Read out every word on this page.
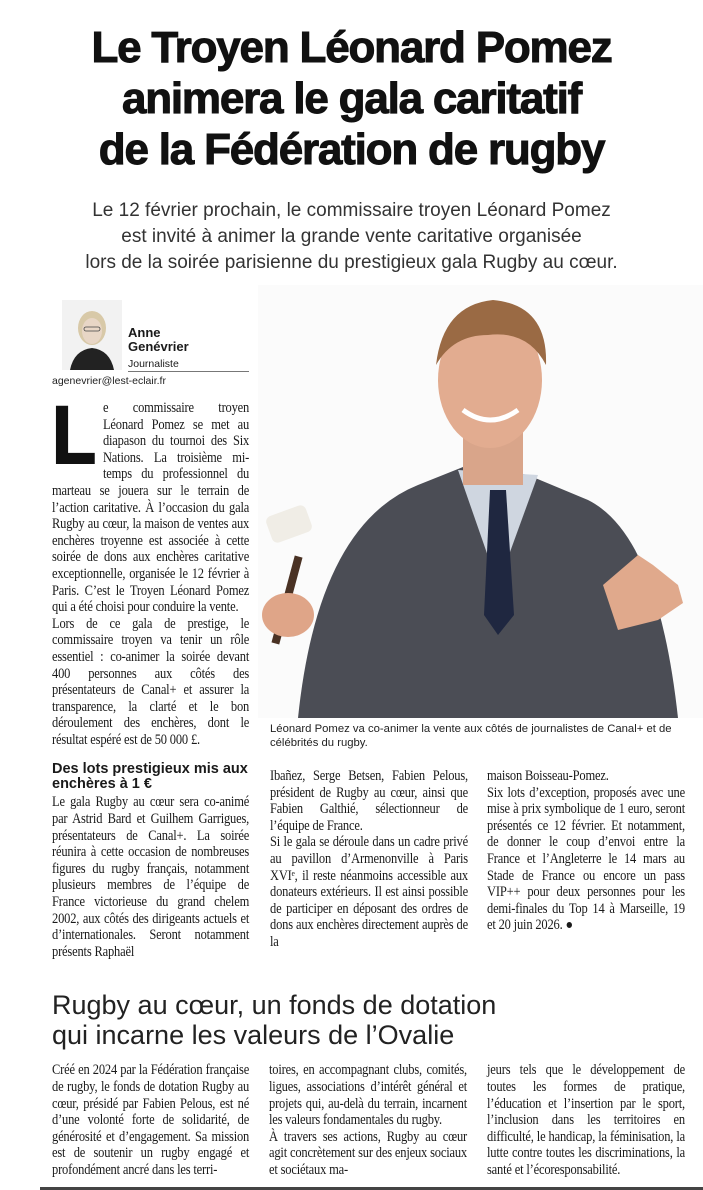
Le Troyen Léonard Pomez
animera le gala caritatif
de la Fédération de rugby
Le 12 février prochain, le commissaire troyen Léonard Pomez
est invité à animer la grande vente caritative organisée
lors de la soirée parisienne du prestigieux gala Rugby au cœur.
Anne
Genévrier
Journaliste
agenevrier@lest-eclair.fr

Le commissaire troyen Léonard Pomez se met au diapason du tournoi des Six Nations. La troisième mi-temps du professionnel du marteau se jouera sur le terrain de l’action caritative. À l’occasion du gala Rugby au cœur, la maison de ventes aux enchères troyenne est associée à cette soirée de dons aux enchères caritative exceptionnelle, organisée le 12 février à Paris. C’est le Troyen Léonard Pomez qui a été choisi pour conduire la vente.

Lors de ce gala de prestige, le commissaire troyen va tenir un rôle essentiel : co-animer la soirée devant 400 personnes aux côtés des présentateurs de Canal+ et assurer la transparence, la clarté et le bon déroulement des enchères, dont le résultat espéré est de 50 000 £.

Des lots prestigieux mis aux enchères à 1 €

Le gala Rugby au cœur sera co-animé par Astrid Bard et Guilhem Garrigues, présentateurs de Canal+. La soirée réunira à cette occasion de nombreuses figures du rugby français, notamment plusieurs membres de l’équipe de France victorieuse du grand chelem 2002, aux côtés des dirigeants actuels et d’internationales. Seront notamment présents Raphaël

Léonard Pomez va co-animer la vente aux côtés de journalistes de Canal+ et de célébrités du rugby.

Ibañez, Serge Betsen, Fabien Pelous, président de Rugby au cœur, ainsi que Fabien Galthié, sélectionneur de l’équipe de France.

Si le gala se déroule dans un cadre privé au pavillon d’Armenonville à Paris XVIᵉ, il reste néanmoins accessible aux donateurs extérieurs. Il est ainsi possible de participer en déposant des ordres de dons aux enchères directement auprès de la

maison Boisseau-Pomez.

Six lots d’exception, proposés avec une mise à prix symbolique de 1 euro, seront présentés ce 12 février. Et notamment, de donner le coup d’envoi entre la France et l’Angleterre le 14 mars au Stade de France ou encore un pass VIP++ pour deux personnes pour les demi-finales du Top 14 à Marseille, 19 et 20 juin 2026. ●

Rugby au cœur, un fonds de dotation
qui incarne les valeurs de l’Ovalie

Créé en 2024 par la Fédération française de rugby, le fonds de dotation Rugby au cœur, présidé par Fabien Pelous, est né d’une volonté forte de solidarité, de générosité et d’engagement. Sa mission est de soutenir un rugby engagé et profondément ancré dans les terri-

toires, en accompagnant clubs, comités, ligues, associations d’intérêt général et projets qui, au-delà du terrain, incarnent les valeurs fondamentales du rugby.

À travers ses actions, Rugby au cœur agit concrètement sur des enjeux sociaux et sociétaux ma-

jeurs tels que le développement de toutes les formes de pratique, l’éducation et l’insertion par le sport, l’inclusion dans les territoires en difficulté, le handicap, la féminisation, la lutte contre toutes les discriminations, la santé et l’écoresponsabilité.
